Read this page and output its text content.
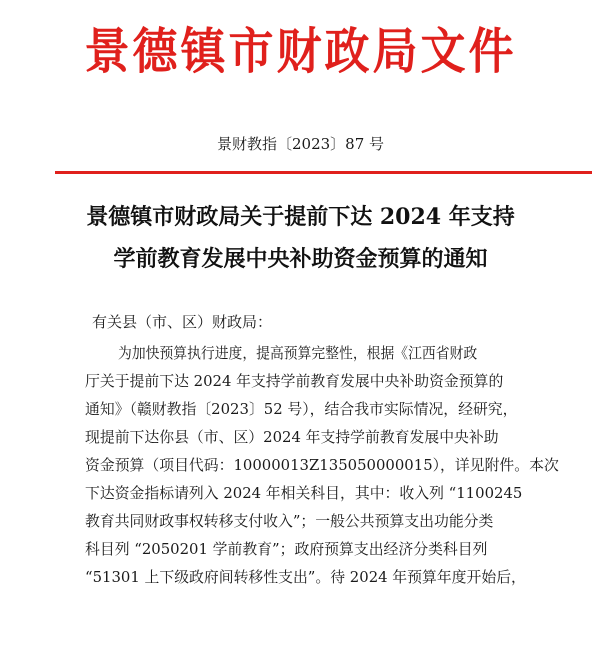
景德镇市财政局文件
景财教指〔2023〕87 号
景德镇市财政局关于提前下达 2024 年支持
学前教育发展中央补助资金预算的通知
有关县（市、区）财政局：
为加快预算执行进度，提高预算完整性，根据《江西省财政
厅关于提前下达 2024 年支持学前教育发展中央补助资金预算的
通知》（赣财教指〔2023〕52 号），结合我市实际情况，经研究，
现提前下达你县（市、区）2024 年支持学前教育发展中央补助
资金预算（项目代码：10000013Z135050000015），详见附件。本次
下达资金指标请列入 2024 年相关科目，其中：收入列 “1100245
教育共同财政事权转移支付收入”；一般公共预算支出功能分类
科目列 “2050201 学前教育”；政府预算支出经济分类科目列
“51301 上下级政府间转移性支出”。待 2024 年预算年度开始后，
